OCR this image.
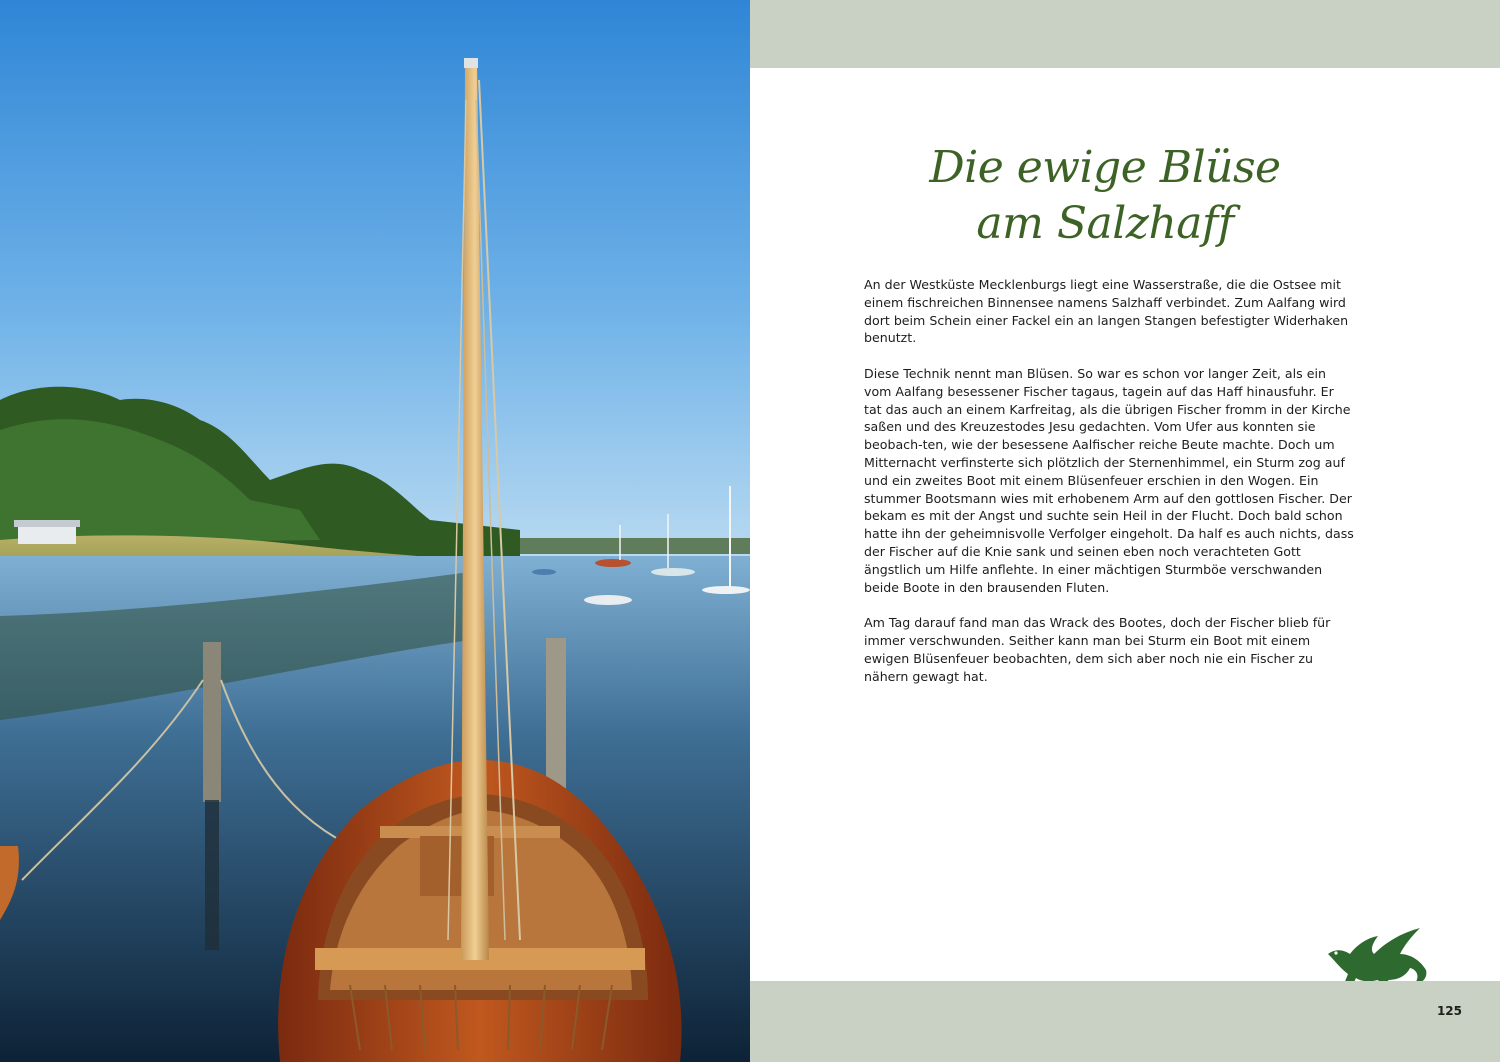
Die ewige Blüse
am Salzhaff

An der Westküste Mecklenburgs liegt eine Wasserstraße, die die Ostsee mit einem fischreichen Binnensee namens Salzhaff verbindet. Zum Aalfang wird dort beim Schein einer Fackel ein an langen Stangen befestigter Widerhaken benutzt.

Diese Technik nennt man Blüsen. So war es schon vor langer Zeit, als ein vom Aalfang besessener Fischer tagaus, tagein auf das Haff hinausfuhr. Er tat das auch an einem Karfreitag, als die übrigen Fischer fromm in der Kirche saßen und des Kreuzestodes Jesu gedachten. Vom Ufer aus konnten sie beobach-ten, wie der besessene Aalfischer reiche Beute machte. Doch um Mitternacht verfinsterte sich plötzlich der Sternenhimmel, ein Sturm zog auf und ein zweites Boot mit einem Blüsenfeuer erschien in den Wogen. Ein stummer Bootsmann wies mit erhobenem Arm auf den gottlosen Fischer. Der bekam es mit der Angst und suchte sein Heil in der Flucht. Doch bald schon hatte ihn der geheimnisvolle Verfolger eingeholt. Da half es auch nichts, dass der Fischer auf die Knie sank und seinen eben noch verachteten Gott ängstlich um Hilfe anflehte. In einer mächtigen Sturmböe verschwanden beide Boote in den brausenden Fluten.

Am Tag darauf fand man das Wrack des Bootes, doch der Fischer blieb für immer verschwunden. Seither kann man bei Sturm ein Boot mit einem ewigen Blüsenfeuer beobachten, dem sich aber noch nie ein Fischer zu nähern gewagt hat.

125
